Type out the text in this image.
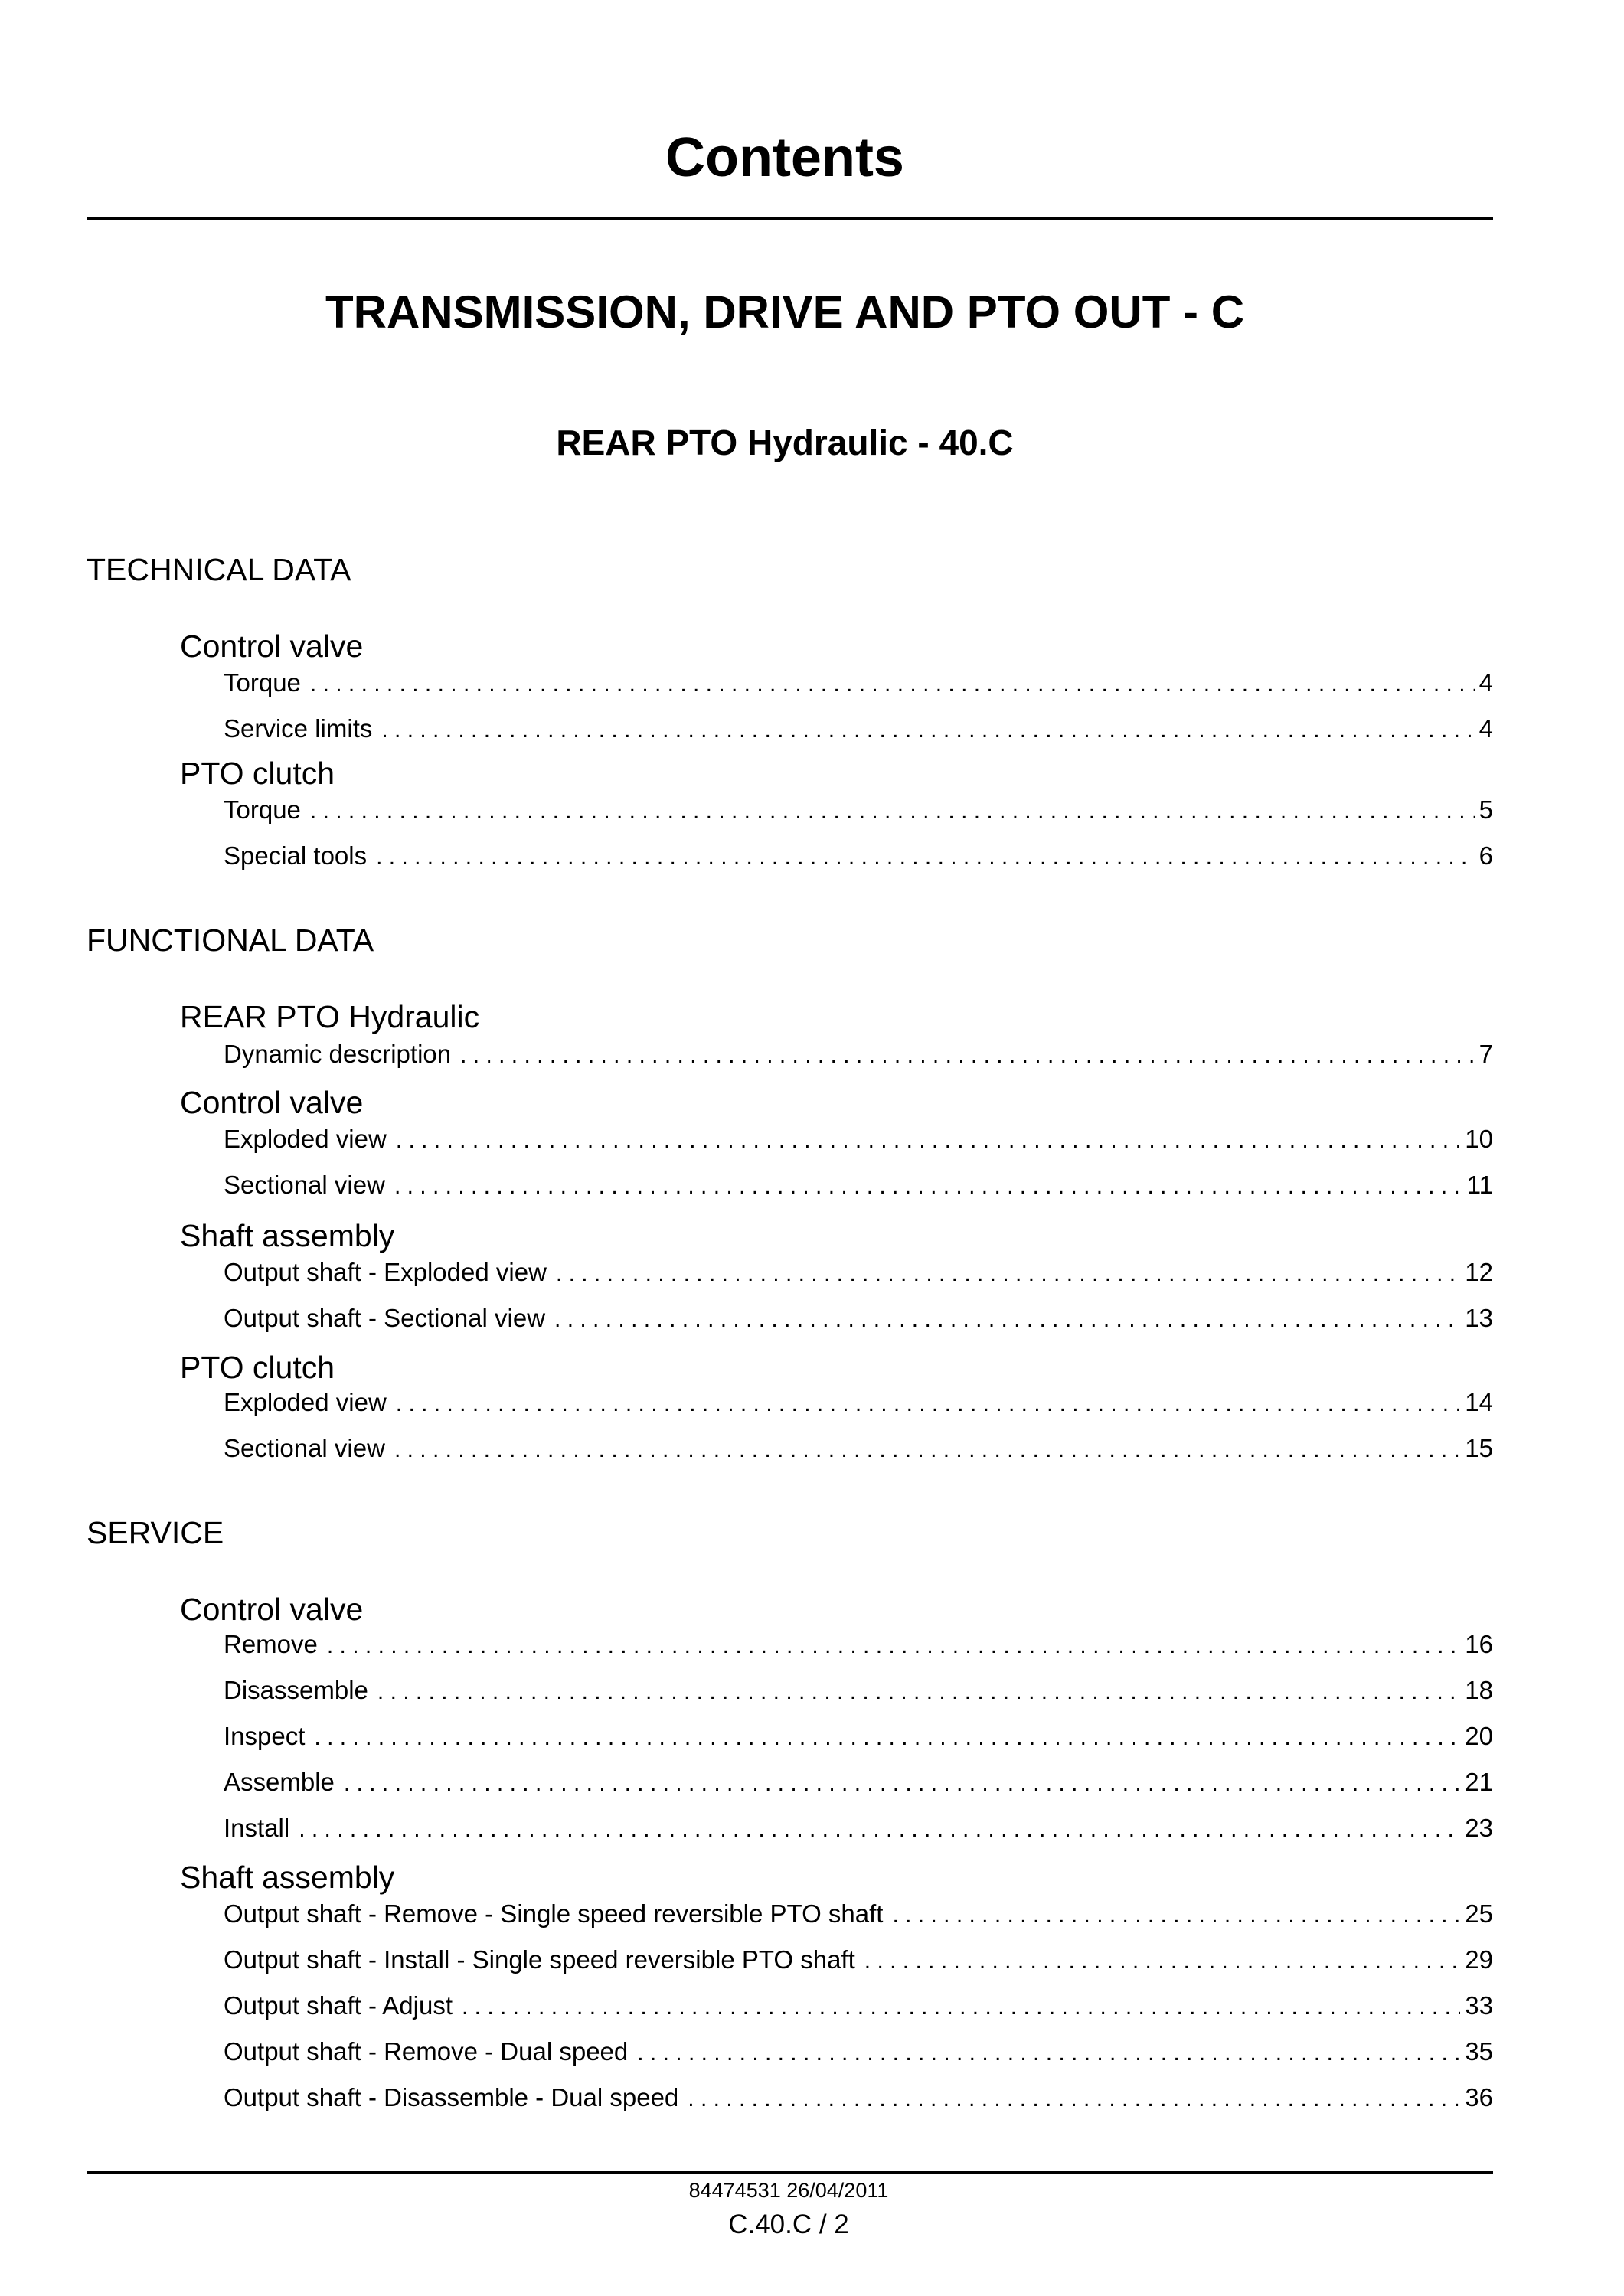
Contents
TRANSMISSION, DRIVE AND PTO OUT - C
REAR PTO Hydraulic - 40.C
TECHNICAL DATA
Control valve
Torque . . .	4
Service limits . . .	4
PTO clutch
Torque . . .	5
Special tools . . .	6
FUNCTIONAL DATA
REAR PTO Hydraulic
Dynamic description . . .	7
Control valve
Exploded view . . .	10
Sectional view . . .	11
Shaft assembly
Output shaft - Exploded view . . .	12
Output shaft - Sectional view . . .	13
PTO clutch
Exploded view . . .	14
Sectional view . . .	15
SERVICE
Control valve
Remove . . .	16
Disassemble . . .	18
Inspect . . .	20
Assemble . . .	21
Install . . .	23
Shaft assembly
Output shaft - Remove - Single speed reversible PTO shaft . . .	25
Output shaft - Install - Single speed reversible PTO shaft . . .	29
Output shaft - Adjust . . .	33
Output shaft - Remove - Dual speed . . .	35
Output shaft - Disassemble - Dual speed . . .	36
84474531 26/04/2011
C.40.C / 2
